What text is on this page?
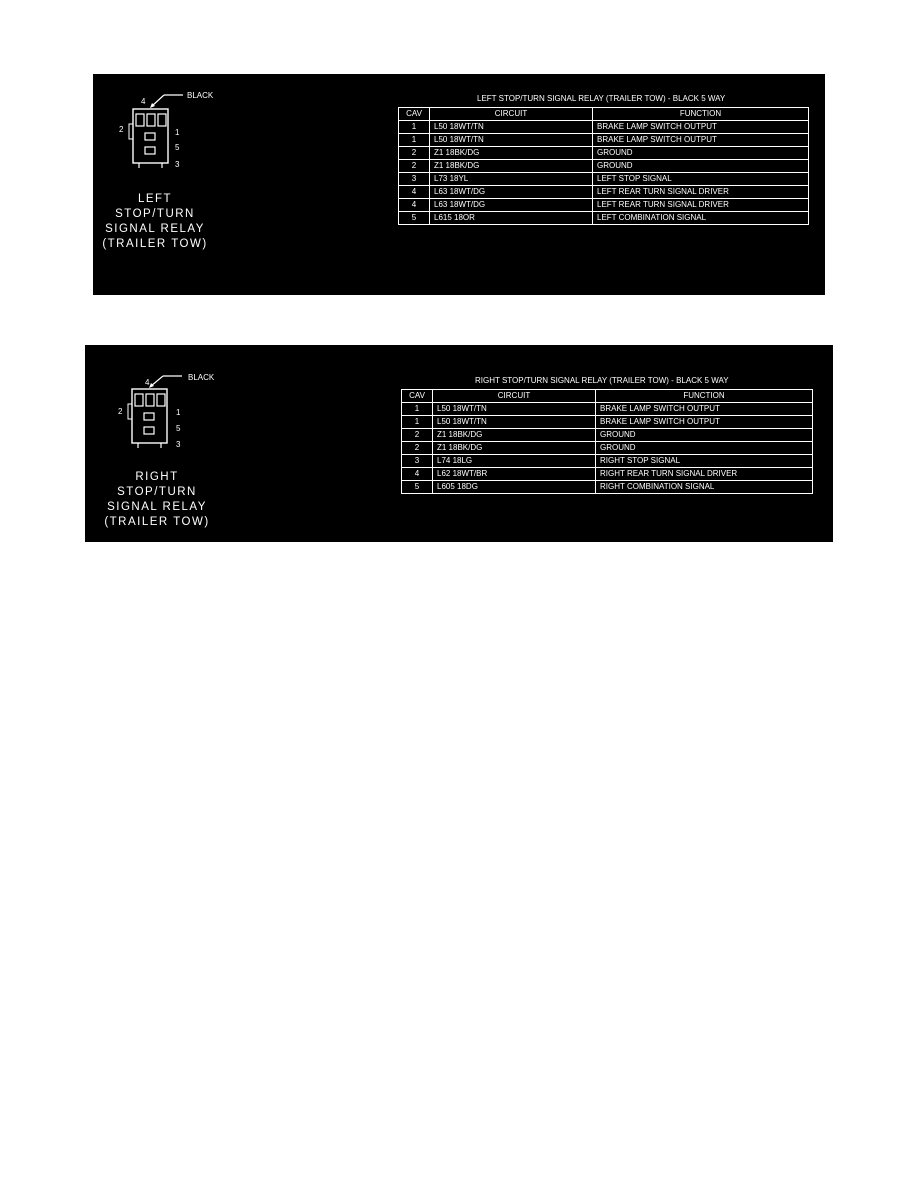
BLACK
4
2	1
5
3
LEFT
STOP/TURN
SIGNAL RELAY
(TRAILER TOW)
LEFT STOP/TURN SIGNAL RELAY (TRAILER TOW) - BLACK 5 WAY
CAV	CIRCUIT	FUNCTION
1	L50 18WT/TN	BRAKE LAMP SWITCH OUTPUT
1	L50 18WT/TN	BRAKE LAMP SWITCH OUTPUT
2	Z1 18BK/DG	GROUND
2	Z1 18BK/DG	GROUND
3	L73 18YL	LEFT STOP SIGNAL
4	L63 18WT/DG	LEFT REAR TURN SIGNAL DRIVER
4	L63 18WT/DG	LEFT REAR TURN SIGNAL DRIVER
5	L615 18OR	LEFT COMBINATION SIGNAL
BLACK
4
2	1
5
3
RIGHT
STOP/TURN
SIGNAL RELAY
(TRAILER TOW)
RIGHT STOP/TURN SIGNAL RELAY (TRAILER TOW) - BLACK 5 WAY
CAV	CIRCUIT	FUNCTION
1	L50 18WT/TN	BRAKE LAMP SWITCH OUTPUT
1	L50 18WT/TN	BRAKE LAMP SWITCH OUTPUT
2	Z1 18BK/DG	GROUND
2	Z1 18BK/DG	GROUND
3	L74 18LG	RIGHT STOP SIGNAL
4	L62 18WT/BR	RIGHT REAR TURN SIGNAL DRIVER
5	L605 18DG	RIGHT COMBINATION SIGNAL
